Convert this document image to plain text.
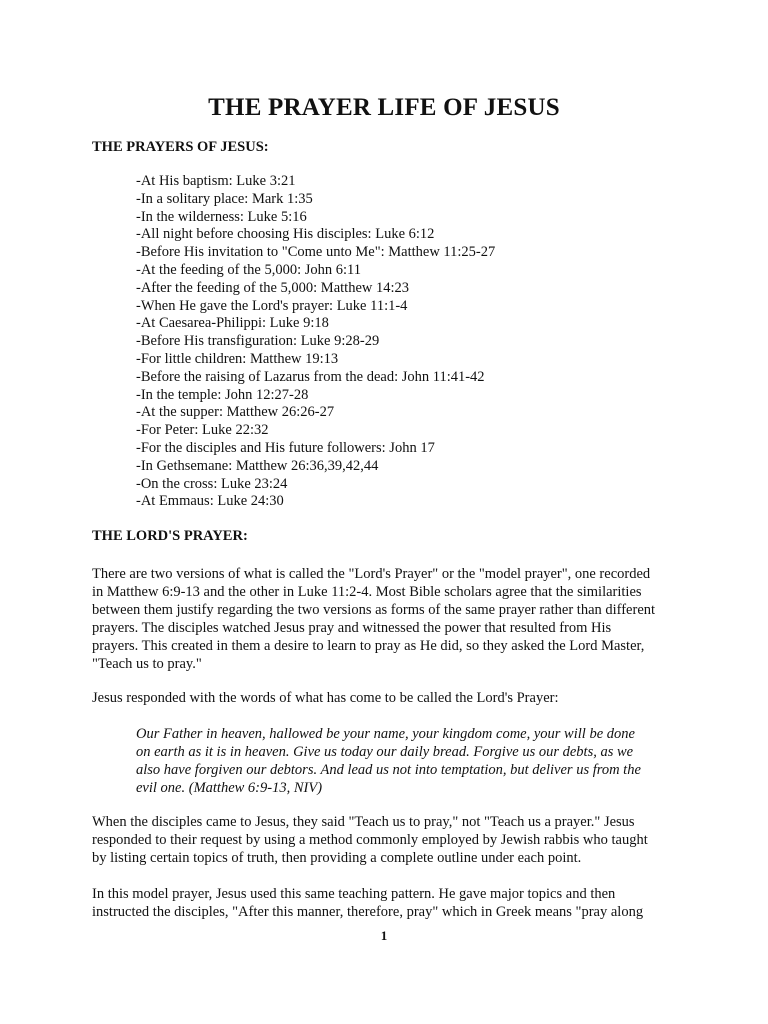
THE PRAYER LIFE OF JESUS
THE PRAYERS OF JESUS:
-At His baptism: Luke 3:21
-In a solitary place: Mark 1:35
-In the wilderness: Luke 5:16
-All night before choosing His disciples: Luke 6:12
-Before His invitation to "Come unto Me": Matthew 11:25-27
-At the feeding of the 5,000: John 6:11
-After the feeding of the 5,000: Matthew 14:23
-When He gave the Lord's prayer: Luke 11:1-4
-At Caesarea-Philippi: Luke 9:18
-Before His transfiguration: Luke 9:28-29
-For little children: Matthew 19:13
-Before the raising of Lazarus from the dead: John 11:41-42
-In the temple: John 12:27-28
-At the supper: Matthew 26:26-27
-For Peter: Luke 22:32
-For the disciples and His future followers: John 17
-In Gethsemane: Matthew 26:36,39,42,44
-On the cross: Luke 23:24
-At Emmaus: Luke 24:30
THE LORD'S PRAYER:

There are two versions of what is called the "Lord's Prayer" or the "model prayer", one recorded
in Matthew 6:9-13 and the other in Luke 11:2-4. Most Bible scholars agree that the similarities
between them justify regarding the two versions as forms of the same prayer rather than different
prayers. The disciples watched Jesus pray and witnessed the power that resulted from His
prayers. This created in them a desire to learn to pray as He did, so they asked the Lord Master,
"Teach us to pray."

Jesus responded with the words of what has come to be called the Lord's Prayer:

Our Father in heaven, hallowed be your name, your kingdom come, your will be done
on earth as it is in heaven. Give us today our daily bread. Forgive us our debts, as we
also have forgiven our debtors. And lead us not into temptation, but deliver us from the
evil one. (Matthew 6:9-13, NIV)

When the disciples came to Jesus, they said "Teach us to pray," not "Teach us a prayer." Jesus
responded to their request by using a method commonly employed by Jewish rabbis who taught
by listing certain topics of truth, then providing a complete outline under each point.

In this model prayer, Jesus used this same teaching pattern. He gave major topics and then
instructed the disciples, "After this manner, therefore, pray" which in Greek means "pray along

1
